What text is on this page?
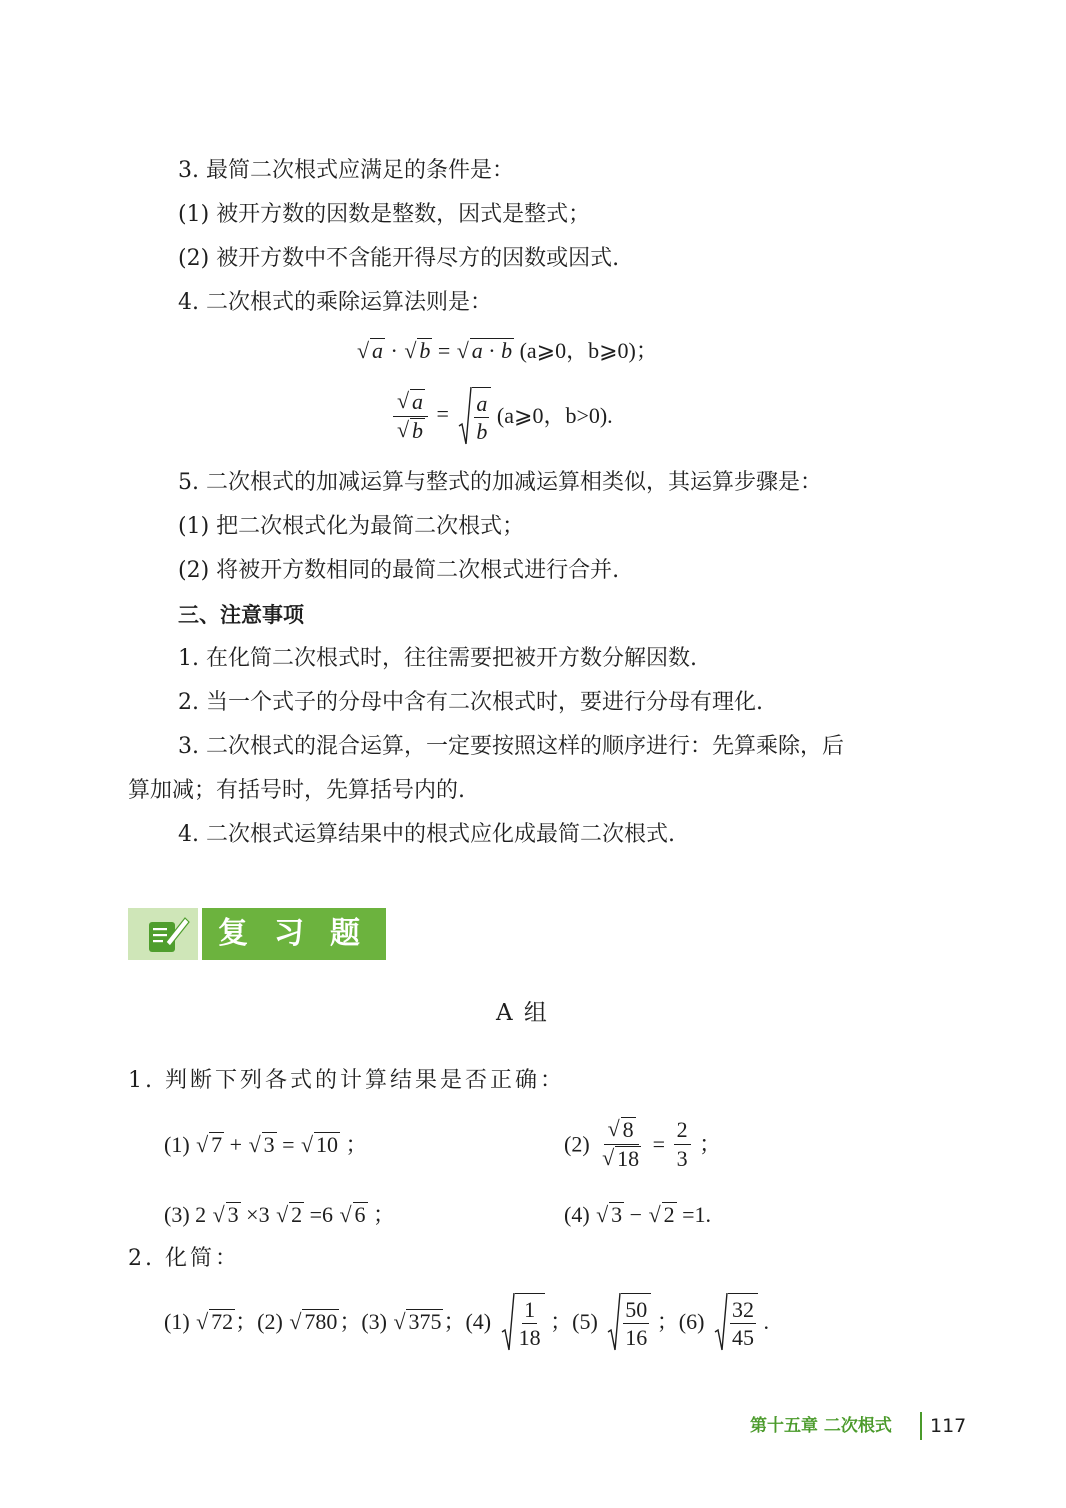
3. 最简二次根式应满足的条件是：
(1) 被开方数的因数是整数，因式是整式；
(2) 被开方数中不含能开得尽方的因数或因式.
4. 二次根式的乘除运算法则是：
√ a · √ b = √ a · b (a⩾0，b⩾0)；
√ a
√ $b = \frac{a}{b}$ (a⩾0，b>0).
5. 二次根式的加减运算与整式的加减运算相类似，其运算步骤是：
(1) 把二次根式化为最简二次根式；
(2) 将被开方数相同的最简二次根式进行合并.
三、注意事项
1. 在化简二次根式时，往往需要把被开方数分解因数.
2. 当一个式子的分母中含有二次根式时，要进行分母有理化.
3. 二次根式的混合运算，一定要按照这样的顺序进行：先算乘除，后
算加减；有括号时，先算括号内的.
4. 二次根式运算结果中的根式应化成最简二次根式.
复习题
A 组
1. 判断下列各式的计算结果是否正确：
(1) √ 7 + √ 3 = √ 10 ；	(2) √ 8
√ $18 = \frac{2}{3}$ ；
(3) 2 √ 3 ×3 √ 2 =6 √ 6 ；	(4) √ 3 − √ 2 =1.
2. 化简：
(1) √ 72；(2) √ 780；(3) √ 375；$(4) \frac{1}{18}$ ；$(5) \frac{50}{16}$ ；$(6) \frac{32}{45}$ .
第十五章 二次根式 117
